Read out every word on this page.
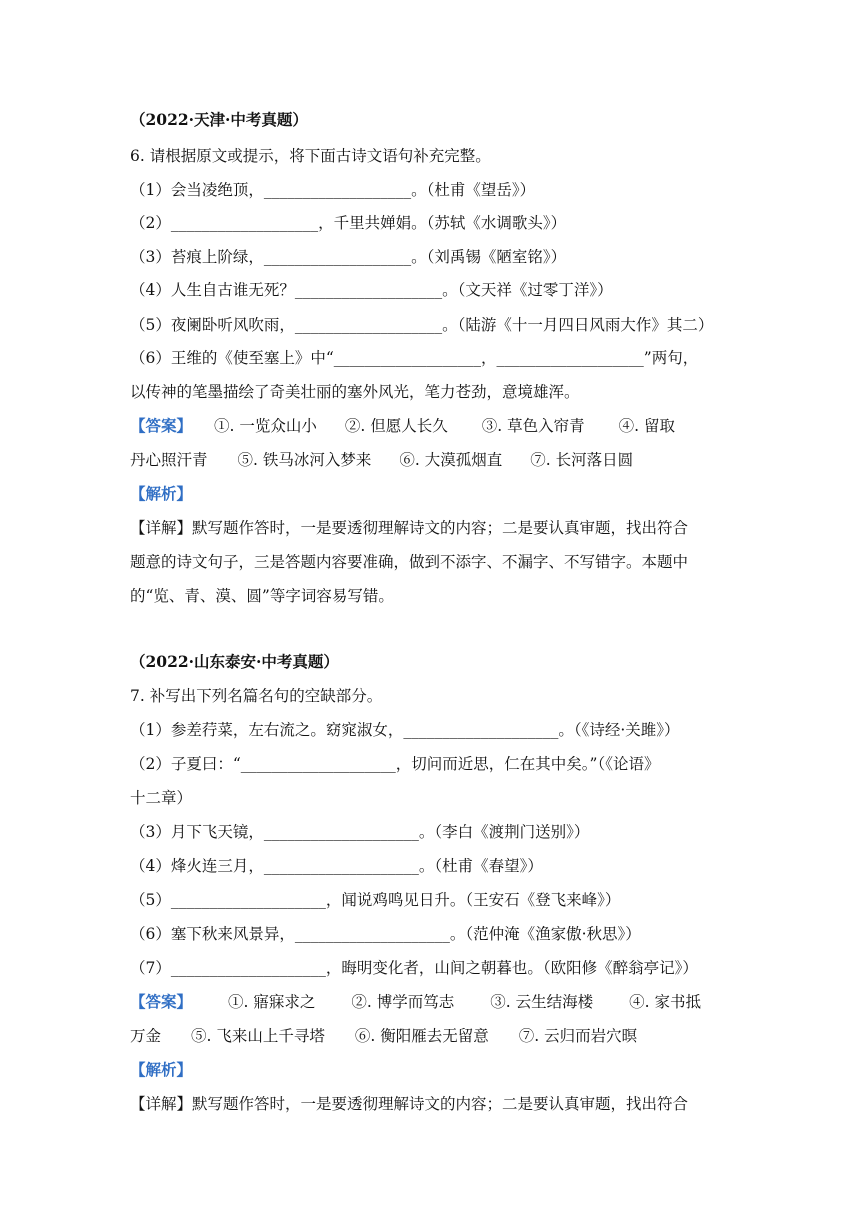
（2022·天津·中考真题）
6. 请根据原文或提示，将下面古诗文语句补充完整。
（1）会当凌绝顶，___________________。（杜甫《望岳》）
（2）___________________，千里共婵娟。（苏轼《水调歌头》）
（3）苔痕上阶绿，___________________。（刘禹锡《陋室铭》）
（4）人生自古谁无死？___________________。（文天祥《过零丁洋》）
（5）夜阑卧听风吹雨，___________________。（陆游《十一月四日风雨大作》其二）
（6）王维的《使至塞上》中“___________________，___________________”两句，
以传神的笔墨描绘了奇美壮丽的塞外风光，笔力苍劲，意境雄浑。
【答案】 ①. 一览众山小 ②. 但愿人长久 ③. 草色入帘青 ④. 留取
丹心照汗青 ⑤. 铁马冰河入梦来 ⑥. 大漠孤烟直 ⑦. 长河落日圆
【解析】
【详解】默写题作答时，一是要透彻理解诗文的内容；二是要认真审题，找出符合
题意的诗文句子，三是答题内容要准确，做到不添字、不漏字、不写错字。本题中
的“览、青、漠、圆”等字词容易写错。
（2022·山东泰安·中考真题）
7. 补写出下列名篇名句的空缺部分。
（1）参差荇菜，左右流之。窈窕淑女，____________________。（《诗经·关雎》）
（2）子夏曰：“____________________，切问而近思，仁在其中矣。”（《论语》
十二章）
（3）月下飞天镜，____________________。（李白《渡荆门送别》）
（4）烽火连三月，____________________。（杜甫《春望》）
（5）____________________，闻说鸡鸣见日升。（王安石《登飞来峰》）
（6）塞下秋来风景异，____________________。（范仲淹《渔家傲·秋思》）
（7）____________________，晦明变化者，山间之朝暮也。（欧阳修《醉翁亭记》）
【答案】 ①. 寤寐求之 ②. 博学而笃志 ③. 云生结海楼 ④. 家书抵
万金 ⑤. 飞来山上千寻塔 ⑥. 衡阳雁去无留意 ⑦. 云归而岩穴暝
【解析】
【详解】默写题作答时，一是要透彻理解诗文的内容；二是要认真审题，找出符合
